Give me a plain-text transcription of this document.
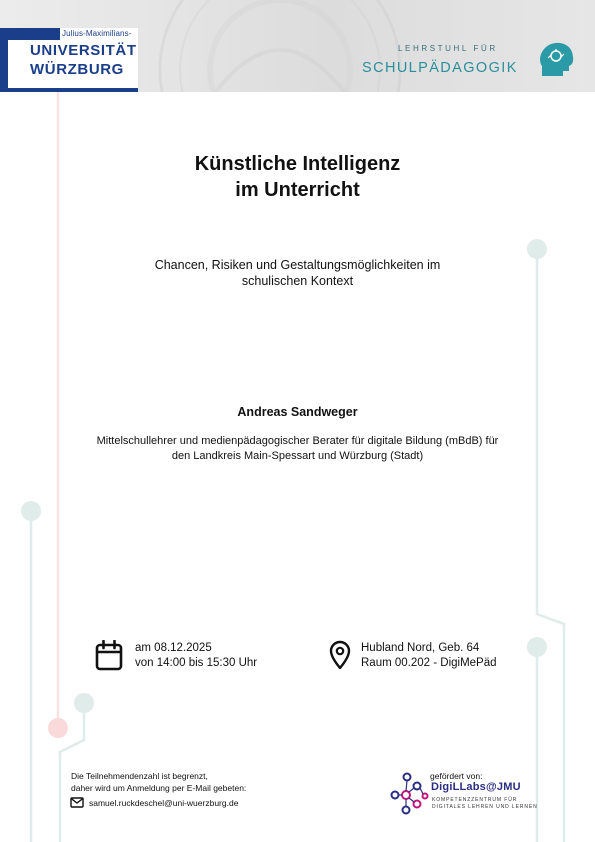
Julius-Maximilians-
UNIVERSITÄT
WÜRZBURG
LEHRSTUHL FÜR
SCHULPÄDAGOGIK
Künstliche Intelligenz
im Unterricht
Chancen, Risiken und Gestaltungsmöglichkeiten im
schulischen Kontext
Andreas Sandweger
Mittelschullehrer und medienpädagogischer Berater für digitale Bildung (mBdB) für
den Landkreis Main-Spessart und Würzburg (Stadt)
am 08.12.2025
von 14:00 bis 15:30 Uhr
Hubland Nord, Geb. 64
Raum 00.202 - DigiMePäd
Die Teilnehmendenzahl ist begrenzt,
daher wird um Anmeldung per E-Mail gebeten:
samuel.ruckdeschel@uni-wuerzburg.de
gefördert von:
DigiLLabs@JMU
KOMPETENZZENTRUM FÜR
DIGITALES LEHREN UND LERNEN
